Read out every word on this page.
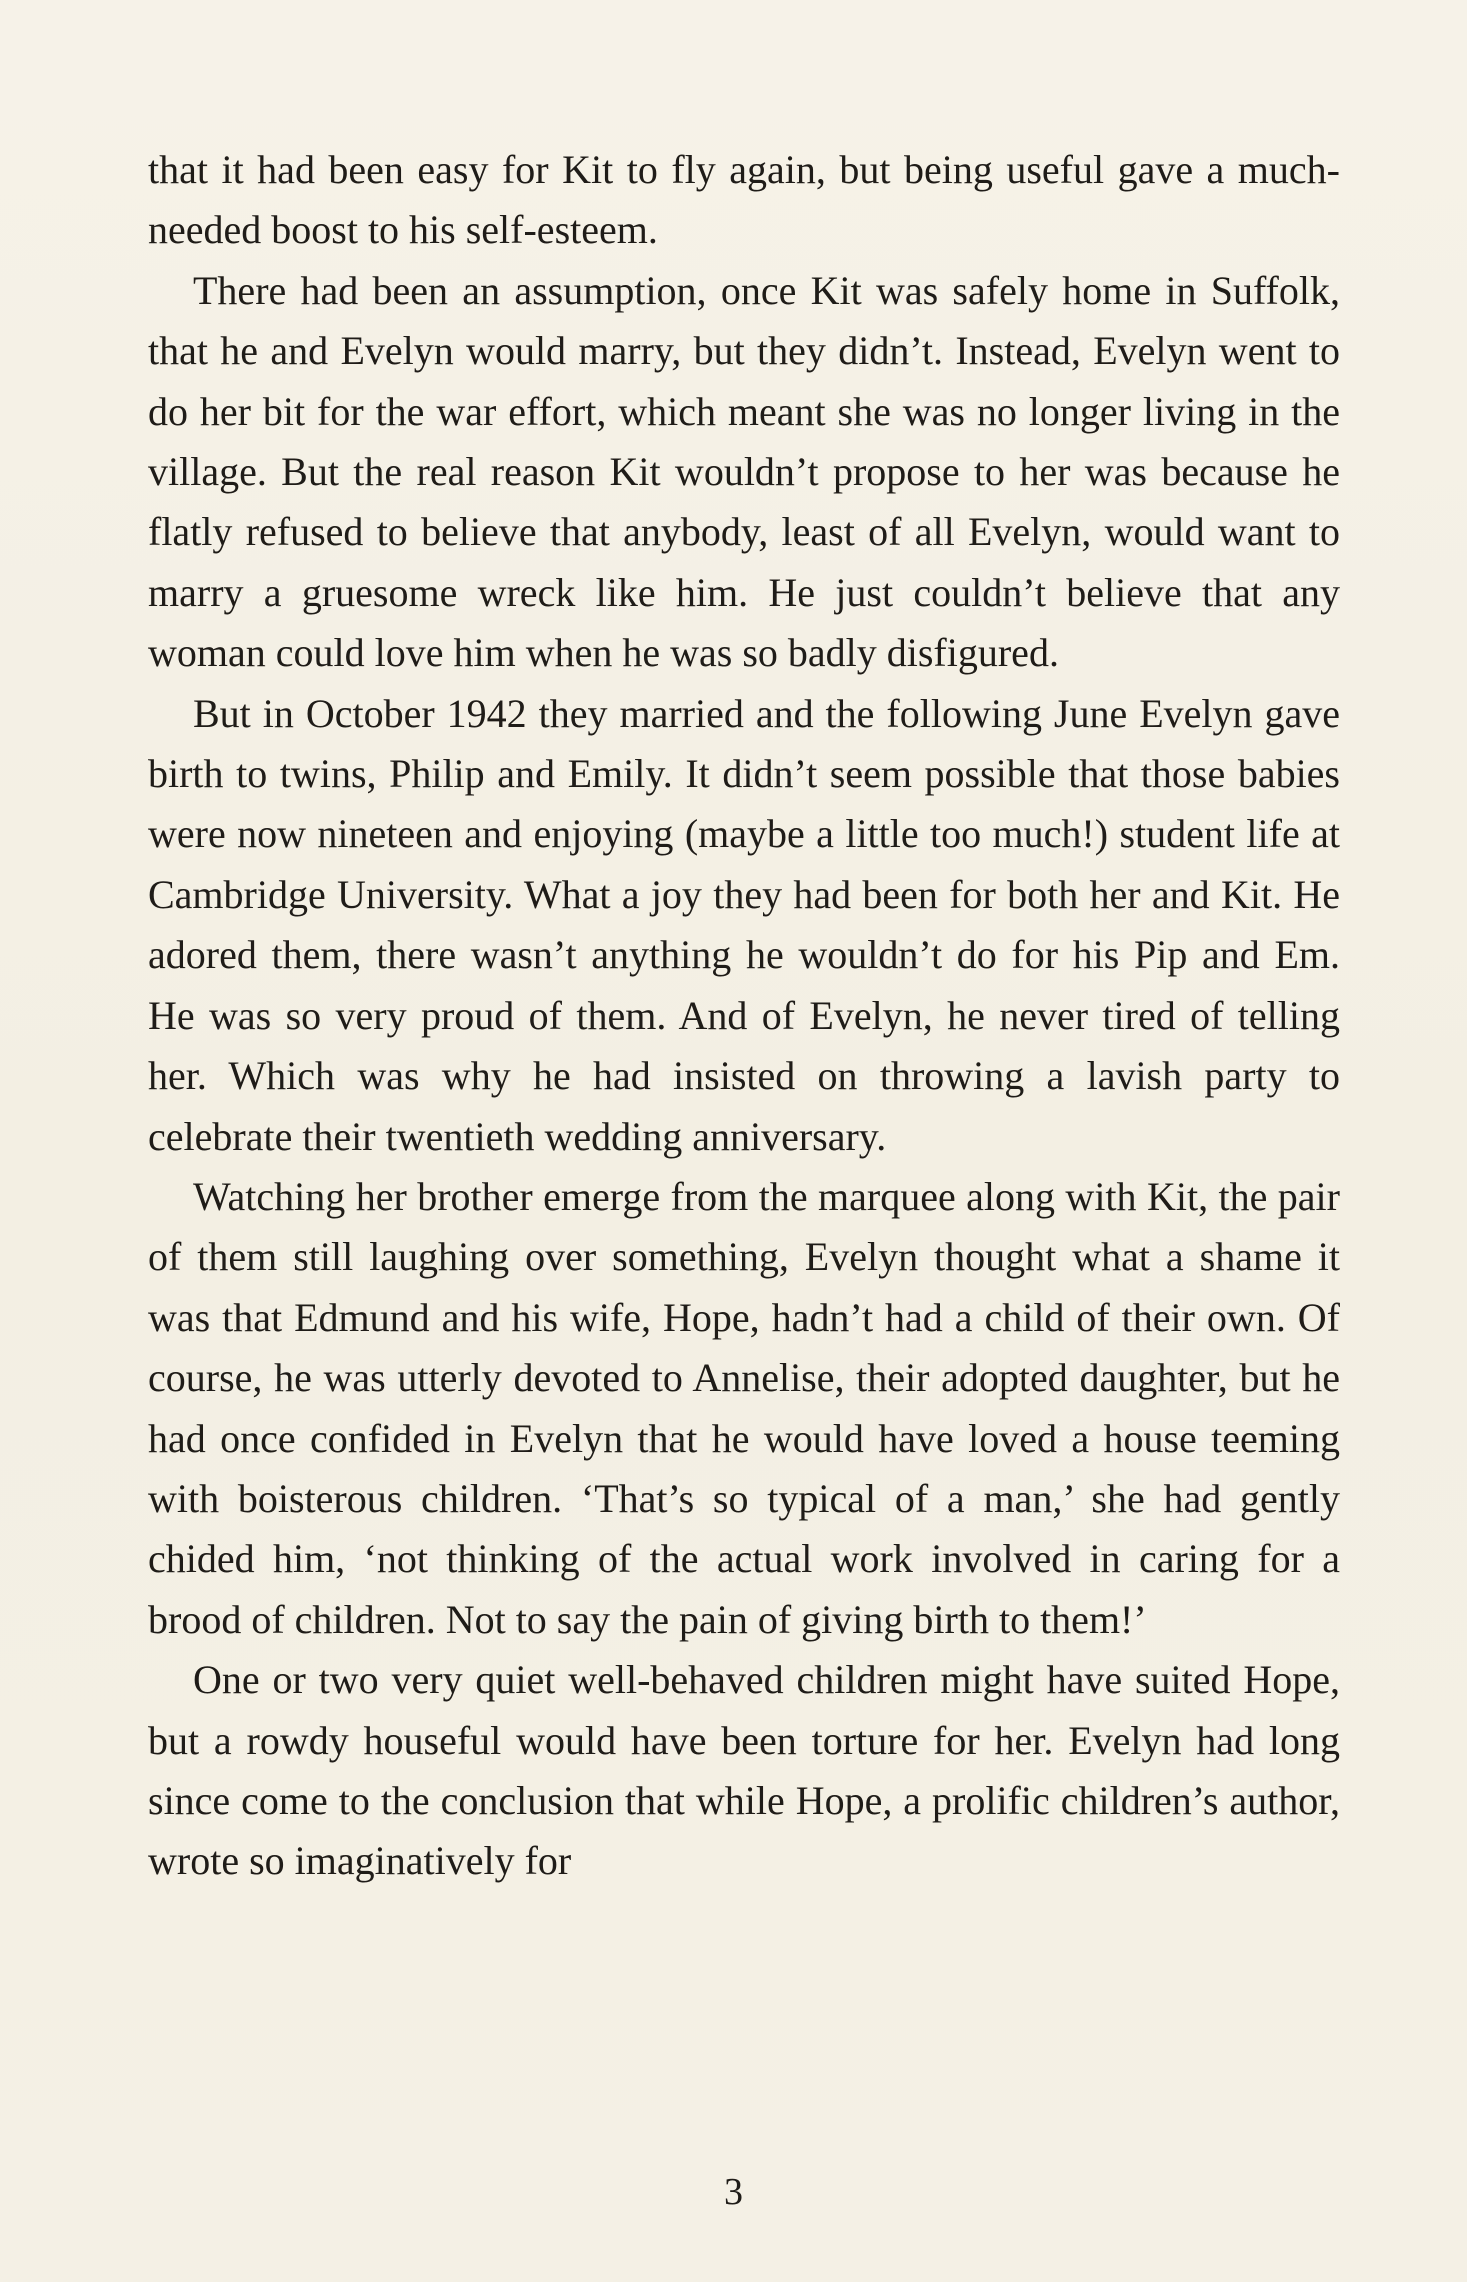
that it had been easy for Kit to fly again, but being useful gave a much-needed boost to his self-esteem.

There had been an assumption, once Kit was safely home in Suffolk, that he and Evelyn would marry, but they didn’t. Instead, Evelyn went to do her bit for the war effort, which meant she was no longer living in the village. But the real reason Kit wouldn’t propose to her was because he flatly refused to believe that anybody, least of all Evelyn, would want to marry a gruesome wreck like him. He just couldn’t believe that any woman could love him when he was so badly disfigured.

But in October 1942 they married and the following June Evelyn gave birth to twins, Philip and Emily. It didn’t seem possible that those babies were now nineteen and enjoying (maybe a little too much!) student life at Cambridge University. What a joy they had been for both her and Kit. He adored them, there wasn’t anything he wouldn’t do for his Pip and Em. He was so very proud of them. And of Evelyn, he never tired of telling her. Which was why he had insisted on throwing a lavish party to celebrate their twentieth wedding anniversary.

Watching her brother emerge from the marquee along with Kit, the pair of them still laughing over something, Evelyn thought what a shame it was that Edmund and his wife, Hope, hadn’t had a child of their own. Of course, he was utterly devoted to Annelise, their adopted daughter, but he had once confided in Evelyn that he would have loved a house teeming with boisterous children. ‘That’s so typical of a man,’ she had gently chided him, ‘not thinking of the actual work involved in caring for a brood of children. Not to say the pain of giving birth to them!’

One or two very quiet well-behaved children might have suited Hope, but a rowdy houseful would have been torture for her. Evelyn had long since come to the conclusion that while Hope, a prolific children’s author, wrote so imaginatively for

3
